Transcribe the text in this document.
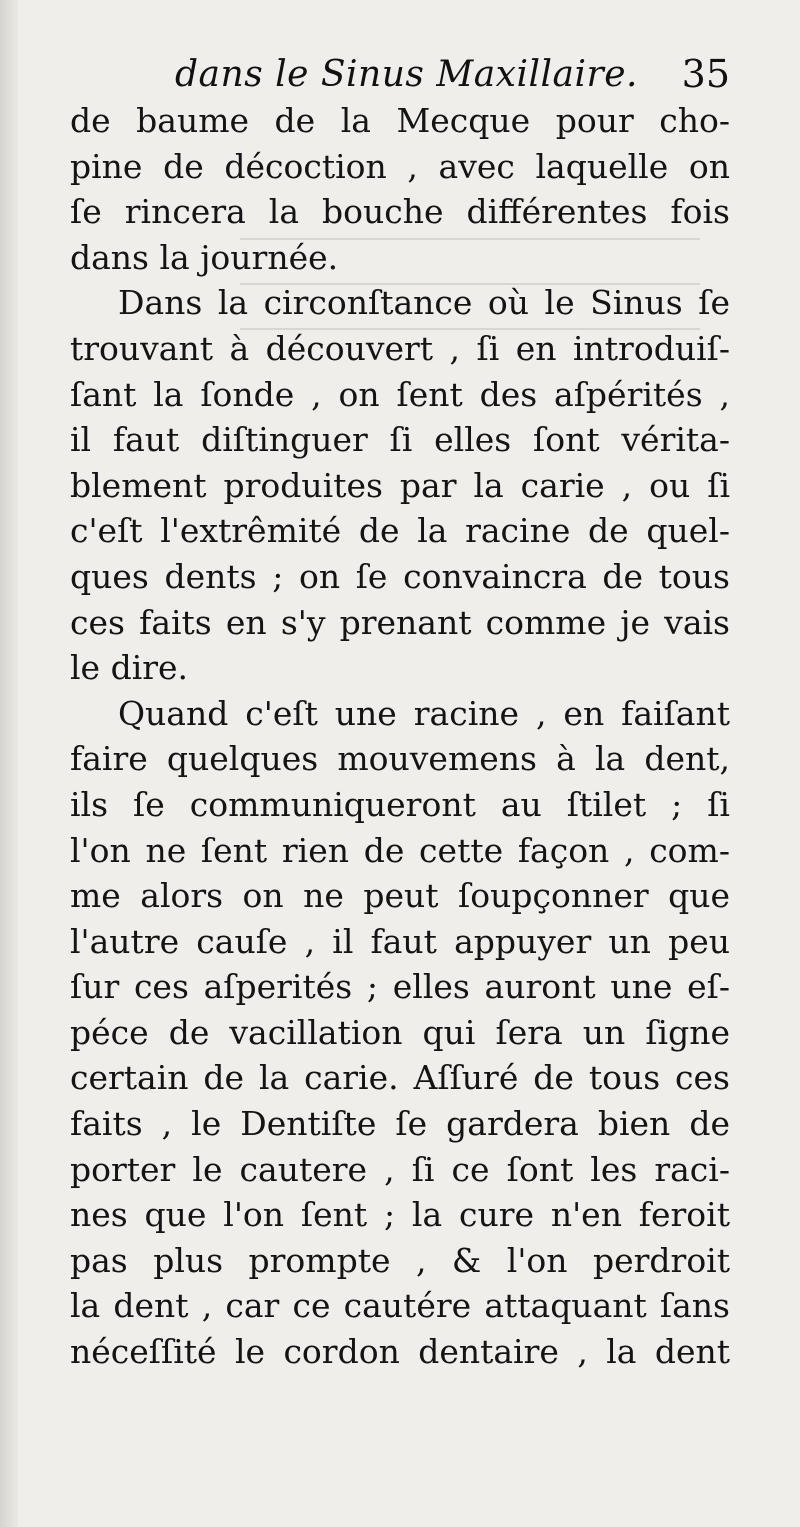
dans le Sinus Maxillaire. 35
de baume de la Mecque pour cho-
pine de décoction , avec laquelle on
ſe rincera la bouche différentes fois
dans la journée.
Dans la circonſtance où le Sinus ſe
trouvant à découvert , ſi en introduiſ-
ſant la ſonde , on ſent des aſpérités ,
il faut diſtinguer ſi elles ſont vérita-
blement produites par la carie , ou ſi
c'eſt l'extrêmité de la racine de quel-
ques dents ; on ſe convaincra de tous
ces faits en s'y prenant comme je vais
le dire.
Quand c'eſt une racine , en faiſant
faire quelques mouvemens à la dent,
ils ſe communiqueront au ſtilet ; ſi
l'on ne ſent rien de cette façon , com-
me alors on ne peut ſoupçonner que
l'autre cauſe , il faut appuyer un peu
ſur ces aſperités ; elles auront une eſ-
péce de vacillation qui ſera un ſigne
certain de la carie. Aſſuré de tous ces
faits , le Dentiſte ſe gardera bien de
porter le cautere , ſi ce ſont les raci-
nes que l'on ſent ; la cure n'en feroit
pas plus prompte , & l'on perdroit
la dent , car ce cautére attaquant ſans
néceſſité le cordon dentaire , la dent
